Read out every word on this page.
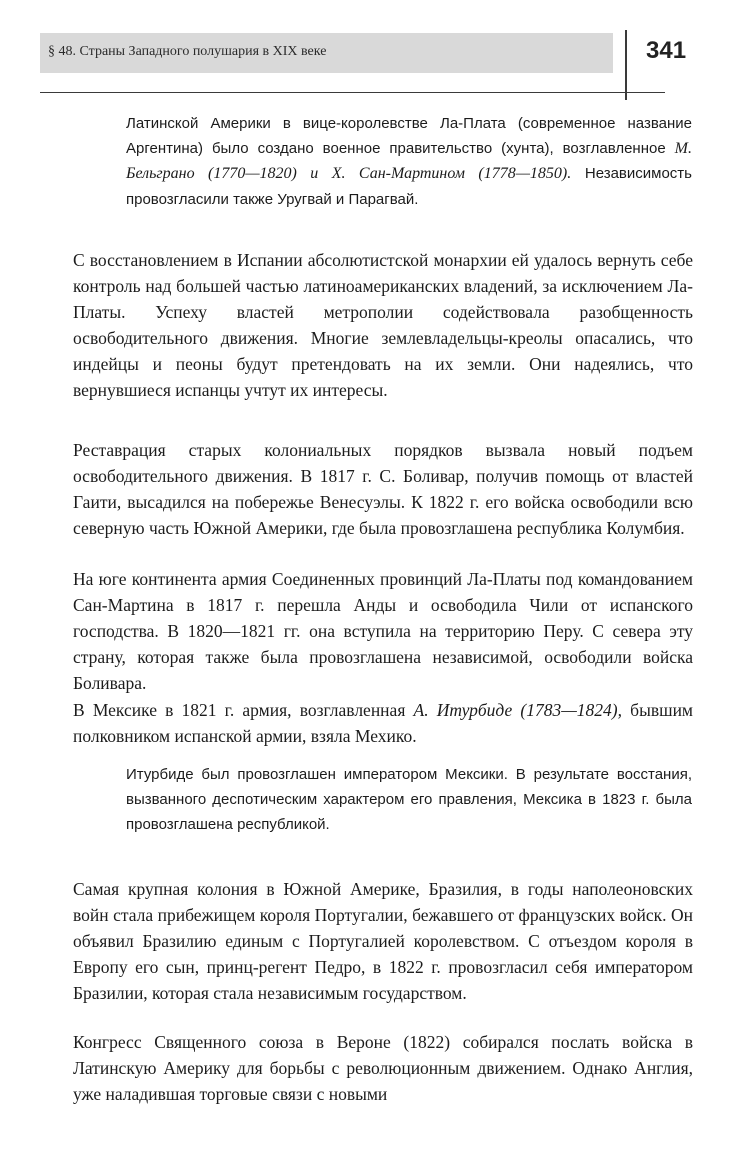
§ 48. Страны Западного полушария в XIX веке	341

Латинской Америки в вице-королевстве Ла-Плата (современное название Аргентина) было создано военное правительство (хунта), возглавленное М. Бельграно (1770—1820) и Х. Сан-Мартином (1778—1850). Независимость провозгласили также Уругвай и Парагвай.

С восстановлением в Испании абсолютистской монархии ей удалось вернуть себе контроль над большей частью латиноамериканских владений, за исключением Ла-Платы. Успеху властей метрополии содействовала разобщенность освободительного движения. Многие землевладельцы-креолы опасались, что индейцы и пеоны будут претендовать на их земли. Они надеялись, что вернувшиеся испанцы учтут их интересы.

Реставрация старых колониальных порядков вызвала новый подъем освободительного движения. В 1817 г. С. Боливар, получив помощь от властей Гаити, высадился на побережье Венесуэлы. К 1822 г. его войска освободили всю северную часть Южной Америки, где была провозглашена республика Колумбия.

На юге континента армия Соединенных провинций Ла-Платы под командованием Сан-Мартина в 1817 г. перешла Анды и освободила Чили от испанского господства. В 1820—1821 гг. она вступила на территорию Перу. С севера эту страну, которая также была провозглашена независимой, освободили войска Боливара.

В Мексике в 1821 г. армия, возглавленная А. Итурбиде (1783—1824), бывшим полковником испанской армии, взяла Мехико.

Итурбиде был провозглашен императором Мексики. В результате восстания, вызванного деспотическим характером его правления, Мексика в 1823 г. была провозглашена республикой.

Самая крупная колония в Южной Америке, Бразилия, в годы наполеоновских войн стала прибежищем короля Португалии, бежавшего от французских войск. Он объявил Бразилию единым с Португалией королевством. С отъездом короля в Европу его сын, принц-регент Педро, в 1822 г. провозгласил себя императором Бразилии, которая стала независимым государством.

Конгресс Священного союза в Вероне (1822) собирался послать войска в Латинскую Америку для борьбы с революционным движением. Однако Англия, уже наладившая торговые связи с новыми
